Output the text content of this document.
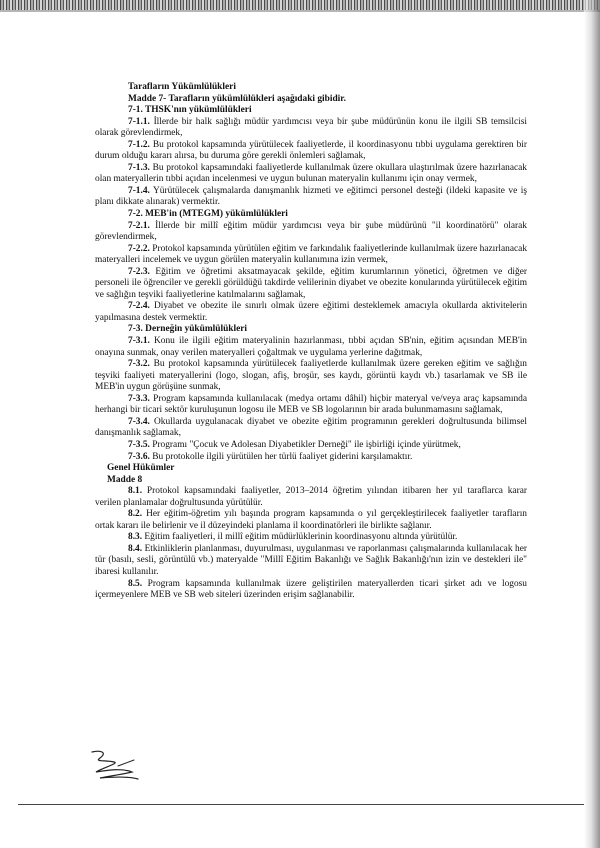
Tarafların Yükümlülükleri

Madde 7- Tarafların yükümlülükleri aşağıdaki gibidir.

7-1. THSK'nın yükümlülükleri

7-1.1. İllerde bir halk sağlığı müdür yardımcısı veya bir şube müdürünün konu ile ilgili SB temsilcisi olarak görevlendirmek,

7-1.2. Bu protokol kapsamında yürütülecek faaliyetlerde, il koordinasyonu tıbbi uygulama gerektiren bir durum olduğu kararı alırsa, bu duruma göre gerekli önlemleri sağlamak,

7-1.3. Bu protokol kapsamındaki faaliyetlerde kullanılmak üzere okullara ulaştırılmak üzere hazırlanacak olan materyallerin tıbbi açıdan incelenmesi ve uygun bulunan materyalin kullanımı için onay vermek,

7-1.4. Yürütülecek çalışmalarda danışmanlık hizmeti ve eğitimci personel desteği (ildeki kapasite ve iş planı dikkate alınarak) vermektir.

7-2. MEB'in (MTEGM) yükümlülükleri

7-2.1. İllerde bir millî eğitim müdür yardımcısı veya bir şube müdürünü "il koordinatörü" olarak görevlendirmek,

7-2.2. Protokol kapsamında yürütülen eğitim ve farkındalık faaliyetlerinde kullanılmak üzere hazırlanacak materyalleri incelemek ve uygun görülen materyalin kullanımına izin vermek,

7-2.3. Eğitim ve öğretimi aksatmayacak şekilde, eğitim kurumlarının yönetici, öğretmen ve diğer personeli ile öğrenciler ve gerekli görüldüğü takdirde velilerinin diyabet ve obezite konularında yürütülecek eğitim ve sağlığın teşviki faaliyetlerine katılmalarını sağlamak,

7-2.4. Diyabet ve obezite ile sınırlı olmak üzere eğitimi desteklemek amacıyla okullarda aktivitelerin yapılmasına destek vermektir.

7-3. Derneğin yükümlülükleri

7-3.1. Konu ile ilgili eğitim materyalinin hazırlanması, tıbbi açıdan SB'nin, eğitim açısından MEB'in onayına sunmak, onay verilen materyalleri çoğaltmak ve uygulama yerlerine dağıtmak,

7-3.2. Bu protokol kapsamında yürütülecek faaliyetlerde kullanılmak üzere gereken eğitim ve sağlığın teşviki faaliyeti materyallerini (logo, slogan, afiş, broşür, ses kaydı, görüntü kaydı vb.) tasarlamak ve SB ile MEB'in uygun görüşüne sunmak,

7-3.3. Program kapsamında kullanılacak (medya ortamı dâhil) hiçbir materyal ve/veya araç kapsamında herhangi bir ticari sektör kuruluşunun logosu ile MEB ve SB logolarının bir arada bulunmamasını sağlamak,

7-3.4. Okullarda uygulanacak diyabet ve obezite eğitim programının gerekleri doğrultusunda bilimsel danışmanlık sağlamak,

7-3.5. Programı "Çocuk ve Adolesan Diyabetikler Derneği" ile işbirliği içinde yürütmek,

7-3.6. Bu protokolle ilgili yürütülen her türlü faaliyet giderini karşılamaktır.

Genel Hükümler

Madde 8

8.1. Protokol kapsamındaki faaliyetler, 2013–2014 öğretim yılından itibaren her yıl taraflarca karar verilen planlamalar doğrultusunda yürütülür.

8.2. Her eğitim-öğretim yılı başında program kapsamında o yıl gerçekleştirilecek faaliyetler tarafların ortak kararı ile belirlenir ve il düzeyindeki planlama il koordinatörleri ile birlikte sağlanır.

8.3. Eğitim faaliyetleri, il millî eğitim müdürlüklerinin koordinasyonu altında yürütülür.

8.4. Etkinliklerin planlanması, duyurulması, uygulanması ve raporlanması çalışmalarında kullanılacak her tür (basılı, sesli, görüntülü vb.) materyalde "Millî Eğitim Bakanlığı ve Sağlık Bakanlığı'nın izin ve destekleri ile" ibaresi kullanılır.

8.5. Program kapsamında kullanılmak üzere geliştirilen materyallerden ticari şirket adı ve logosu içermeyenlere MEB ve SB web siteleri üzerinden erişim sağlanabilir.
